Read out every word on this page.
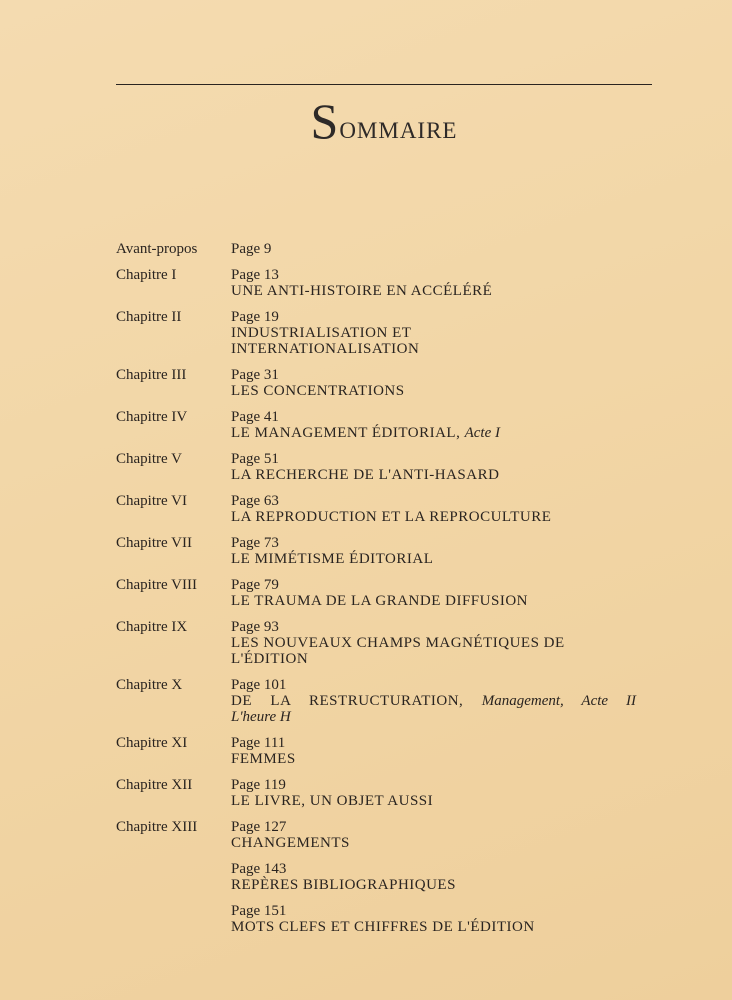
Sommaire
Avant-propos	Page 9
Chapitre I	Page 13
UNE ANTI-HISTOIRE EN ACCÉLÉRÉ
Chapitre II	Page 19
INDUSTRIALISATION ET
INTERNATIONALISATION
Chapitre III	Page 31
LES CONCENTRATIONS
Chapitre IV	Page 41
LE MANAGEMENT ÉDITORIAL, Acte I
Chapitre V	Page 51
LA RECHERCHE DE L'ANTI-HASARD
Chapitre VI	Page 63
LA REPRODUCTION ET LA REPROCULTURE
Chapitre VII	Page 73
LE MIMÉTISME ÉDITORIAL
Chapitre VIII	Page 79
LE TRAUMA DE LA GRANDE DIFFUSION
Chapitre IX	Page 93
LES NOUVEAUX CHAMPS MAGNÉTIQUES DE
L'ÉDITION
Chapitre X	Page 101
DE LA RESTRUCTURATION, Management, Acte II
L'heure H
Chapitre XI	Page 111
FEMMES
Chapitre XII	Page 119
LE LIVRE, UN OBJET AUSSI
Chapitre XIII	Page 127
CHANGEMENTS
Page 143
REPÈRES BIBLIOGRAPHIQUES
Page 151
MOTS CLEFS ET CHIFFRES DE L'ÉDITION
